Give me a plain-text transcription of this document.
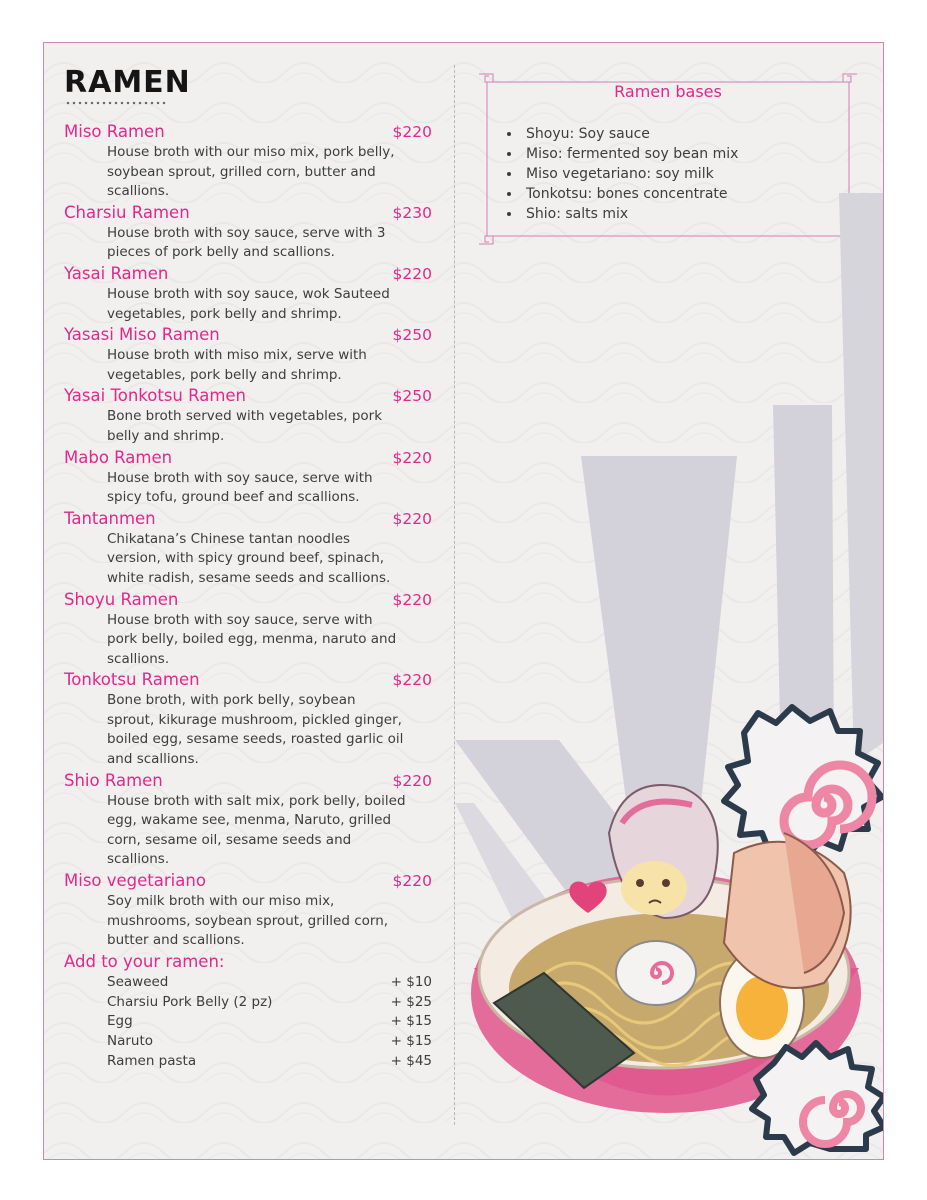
RAMEN
Miso Ramen	$220
House broth with our miso mix, pork belly, soybean sprout, grilled corn, butter and scallions.
Charsiu Ramen	$230
House broth with soy sauce, serve with 3 pieces of pork belly and scallions.
Yasai Ramen	$220
House broth with soy sauce, wok Sauteed vegetables, pork belly and shrimp.
Yasasi Miso Ramen	$250
House broth with miso mix, serve with vegetables, pork belly and shrimp.
Yasai Tonkotsu Ramen	$250
Bone broth served with vegetables, pork belly and shrimp.
Mabo Ramen	$220
House broth with soy sauce, serve with spicy tofu, ground beef and scallions.
Tantanmen	$220
Chikatana’s Chinese tantan noodles version, with spicy ground beef, spinach, white radish, sesame seeds and scallions.
Shoyu Ramen	$220
House broth with soy sauce, serve with pork belly, boiled egg, menma, naruto and scallions.
Tonkotsu Ramen	$220
Bone broth, with pork belly, soybean sprout, kikurage mushroom, pickled ginger, boiled egg, sesame seeds, roasted garlic oil and scallions.
Shio Ramen	$220
House broth with salt mix, pork belly, boiled egg, wakame see, menma, Naruto, grilled corn, sesame oil, sesame seeds and scallions.
Miso vegetariano	$220
Soy milk broth with our miso mix, mushrooms, soybean sprout, grilled corn, butter and scallions.
Add to your ramen:
Seaweed	+ $10
Charsiu Pork Belly (2 pz)	+ $25
Egg	+ $15
Naruto	+ $15
Ramen pasta	+ $45
Ramen bases
• Shoyu: Soy sauce
• Miso: fermented soy bean mix
• Miso vegetariano: soy milk
• Tonkotsu: bones concentrate
• Shio: salts mix
